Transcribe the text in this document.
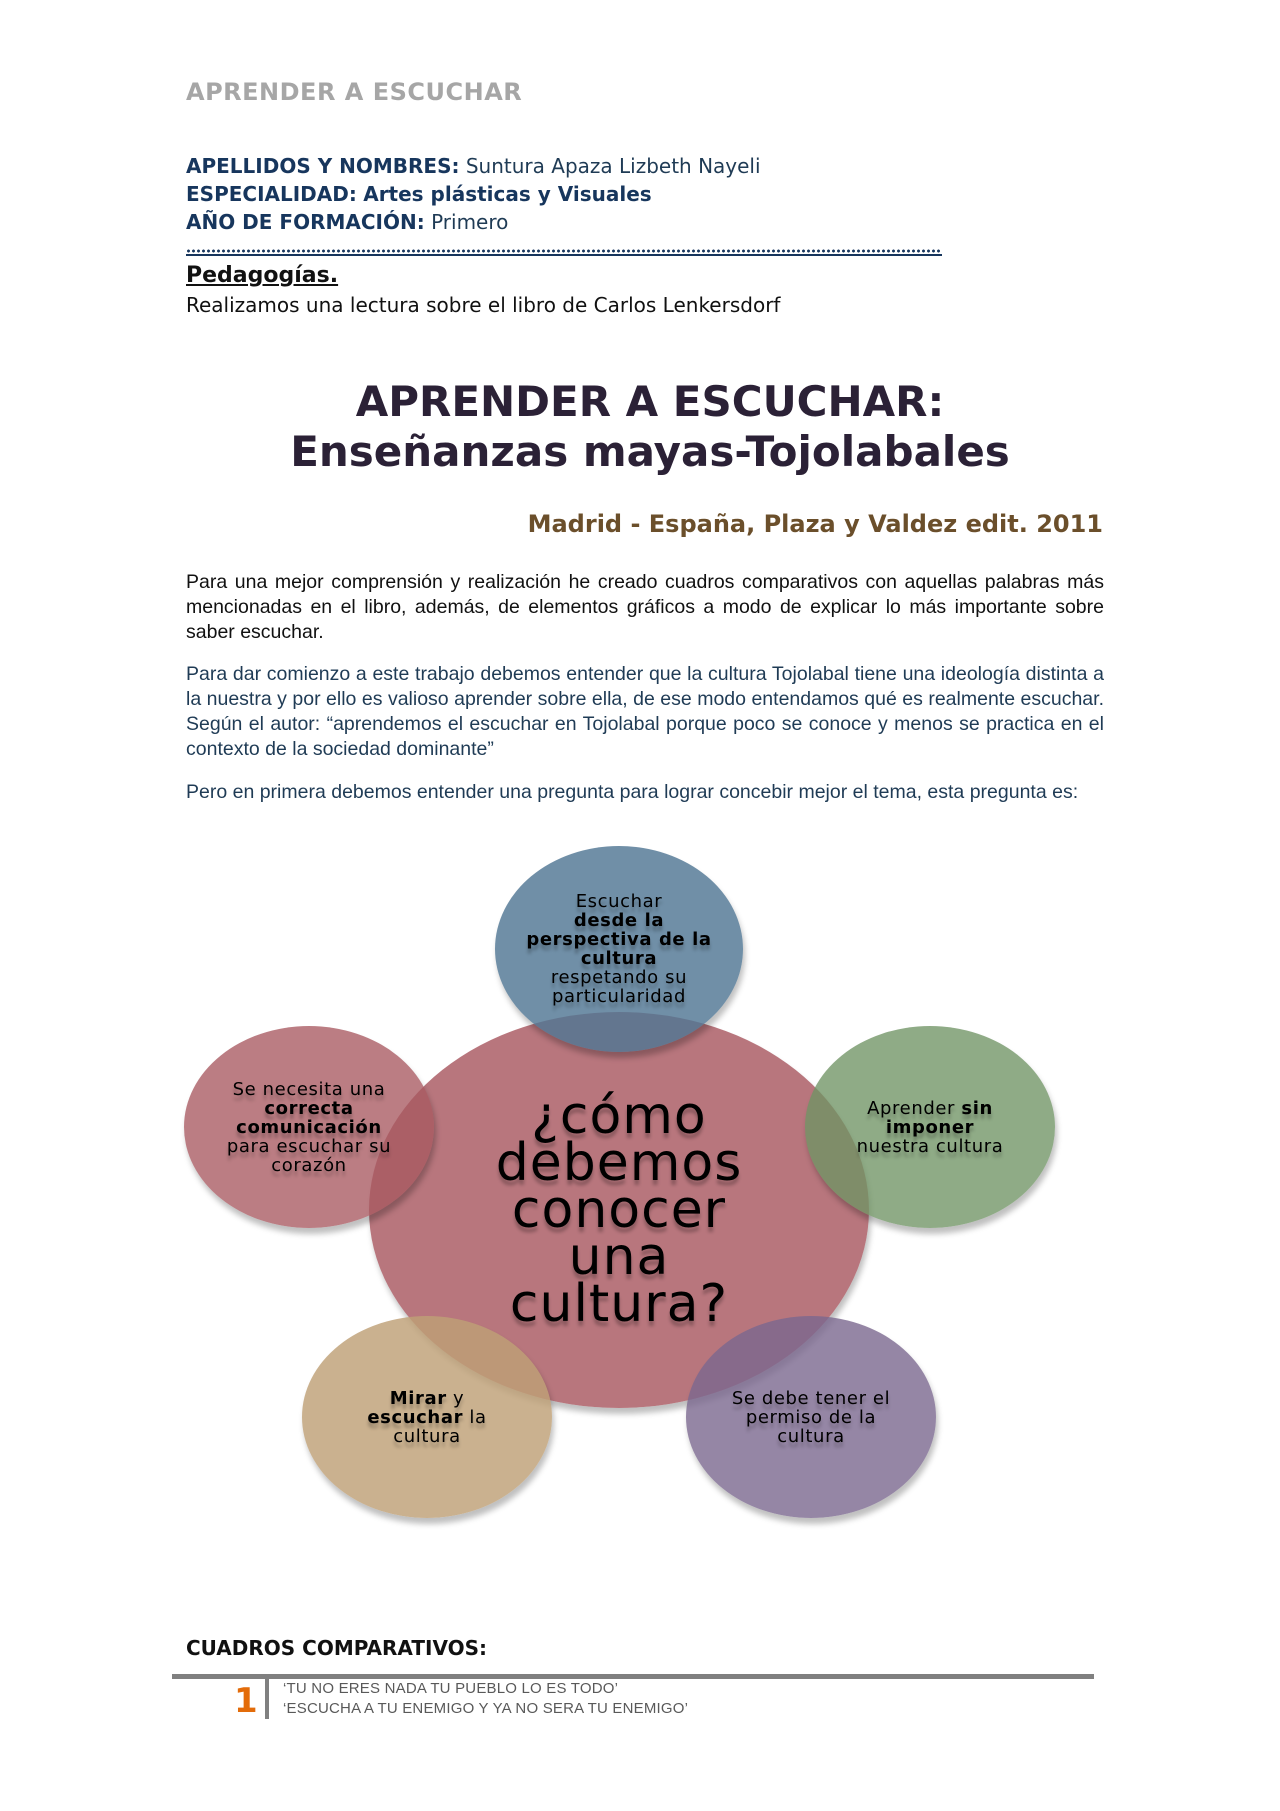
APRENDER A ESCUCHAR
APELLIDOS Y NOMBRES: Suntura Apaza Lizbeth Nayeli
ESPECIALIDAD: Artes plásticas y Visuales
AÑO DE FORMACIÓN: Primero
Pedagogías.
Realizamos una lectura sobre el libro de Carlos Lenkersdorf
APRENDER A ESCUCHAR:
Enseñanzas mayas-Tojolabales
Madrid - España, Plaza y Valdez edit. 2011
Para una mejor comprensión y realización he creado cuadros comparativos con aquellas palabras más mencionadas en el libro, además, de elementos gráficos a modo de explicar lo más importante sobre saber escuchar.
Para dar comienzo a este trabajo debemos entender que la cultura Tojolabal tiene una ideología distinta a la nuestra y por ello es valioso aprender sobre ella, de ese modo entendamos qué es realmente escuchar. Según el autor: “aprendemos el escuchar en Tojolabal porque poco se conoce y menos se practica en el contexto de la sociedad dominante”
Pero en primera debemos entender una pregunta para lograr concebir mejor el tema, esta pregunta es:
¿cómo
debemos
conocer
una
cultura?
Escuchar
desde la perspectiva de la cultura
respetando su particularidad
Se necesita una correcta comunicación para escuchar su corazón
Aprender sin imponer
nuestra cultura
Mirar y escuchar la cultura
Se debe tener el permiso de la cultura
CUADROS COMPARATIVOS:
1 ‘TU NO ERES NADA TU PUEBLO LO ES TODO’
‘ESCUCHA A TU ENEMIGO Y YA NO SERA TU ENEMIGO’
